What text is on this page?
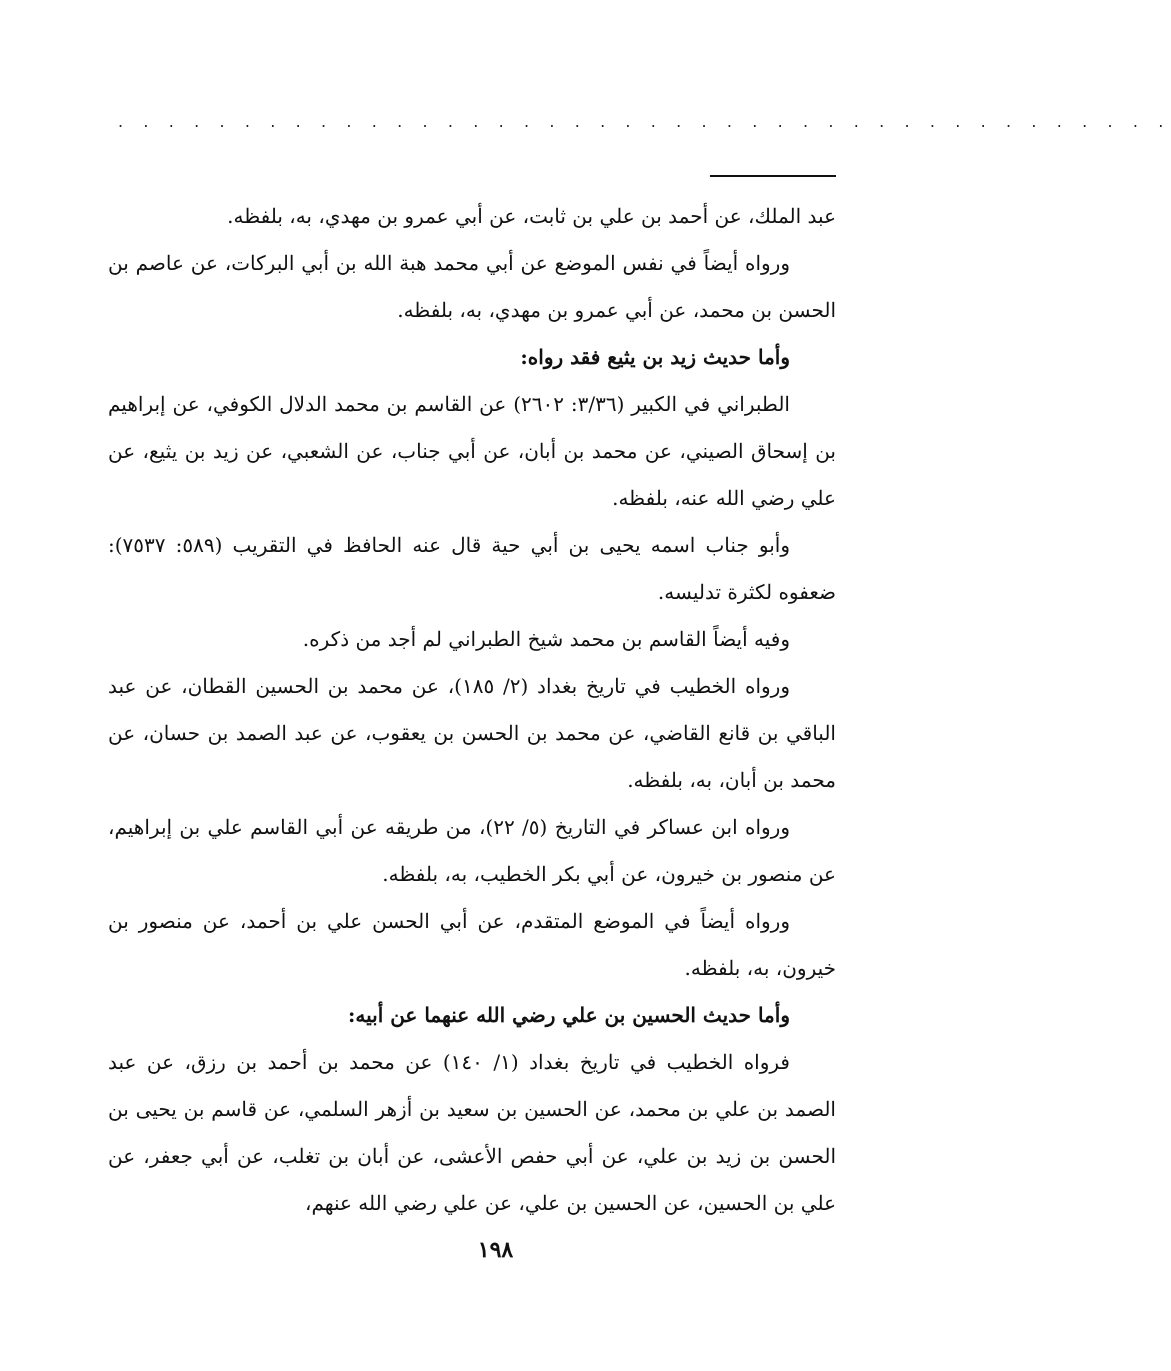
. . . . . . . . . . . . . . . . . . . . . . . . . . . . . . . . . . . . . . . . . .

عبد الملك، عن أحمد بن علي بن ثابت، عن أبي عمرو بن مهدي، به، بلفظه.

ورواه أيضاً في نفس الموضع عن أبي محمد هبة الله بن أبي البركات، عن عاصم بن الحسن بن محمد، عن أبي عمرو بن مهدي، به، بلفظه.

وأما حديث زيد بن يثيع فقد رواه:

الطبراني في الكبير (٣/٣٦: ٢٦٠٢) عن القاسم بن محمد الدلال الكوفي، عن إبراهيم بن إسحاق الصيني، عن محمد بن أبان، عن أبي جناب، عن الشعبي، عن زيد بن يثيع، عن علي رضي الله عنه، بلفظه.

وأبو جناب اسمه يحيى بن أبي حية قال عنه الحافظ في التقريب (٥٨٩: ٧٥٣٧): ضعفوه لكثرة تدليسه.

وفيه أيضاً القاسم بن محمد شيخ الطبراني لم أجد من ذكره.

ورواه الخطيب في تاريخ بغداد (٢/ ١٨٥)، عن محمد بن الحسين القطان، عن عبد الباقي بن قانع القاضي، عن محمد بن الحسن بن يعقوب، عن عبد الصمد بن حسان، عن محمد بن أبان، به، بلفظه.

ورواه ابن عساكر في التاريخ (٥/ ٢٢)، من طريقه عن أبي القاسم علي بن إبراهيم، عن منصور بن خيرون، عن أبي بكر الخطيب، به، بلفظه.

ورواه أيضاً في الموضع المتقدم، عن أبي الحسن علي بن أحمد، عن منصور بن خيرون، به، بلفظه.

وأما حديث الحسين بن علي رضي الله عنهما عن أبيه:

فرواه الخطيب في تاريخ بغداد (١/ ١٤٠) عن محمد بن أحمد بن رزق، عن عبد الصمد بن علي بن محمد، عن الحسين بن سعيد بن أزهر السلمي، عن قاسم بن يحيى بن الحسن بن زيد بن علي، عن أبي حفص الأعشى، عن أبان بن تغلب، عن أبي جعفر، عن علي بن الحسين، عن الحسين بن علي، عن علي رضي الله عنهم،

١٩٨
